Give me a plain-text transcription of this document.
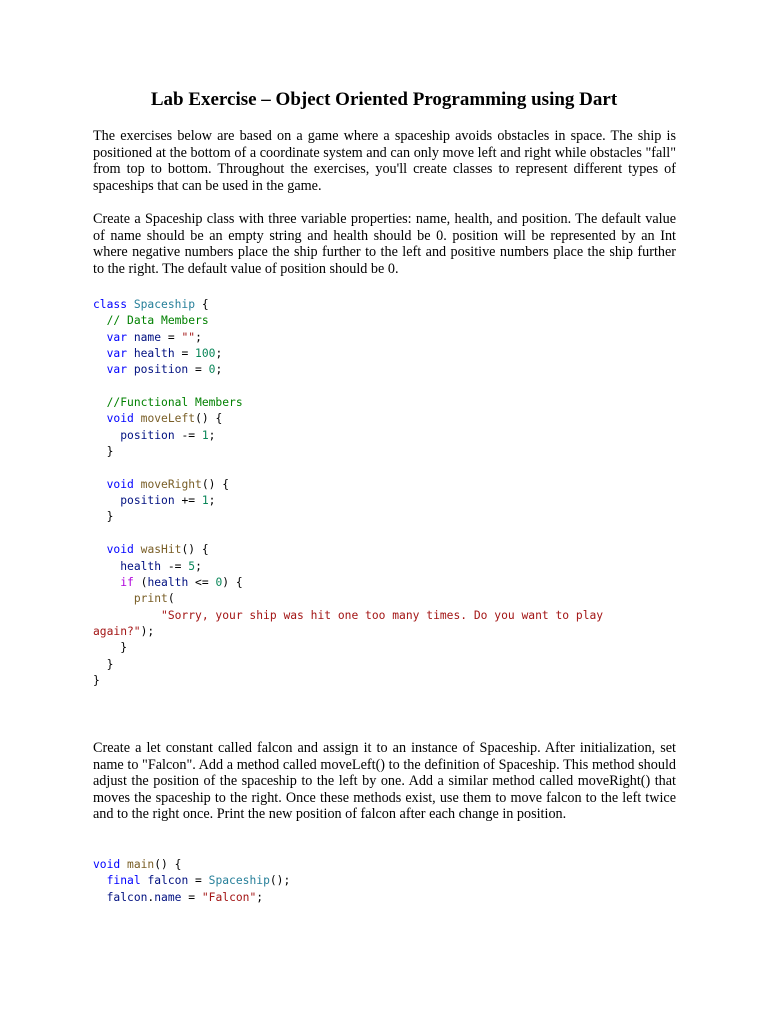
Lab Exercise – Object Oriented Programming using Dart

The exercises below are based on a game where a spaceship avoids obstacles in space. The ship is positioned at the bottom of a coordinate system and can only move left and right while obstacles "fall" from top to bottom. Throughout the exercises, you'll create classes to represent different types of spaceships that can be used in the game.

Create a Spaceship class with three variable properties: name, health, and position. The default value of name should be an empty string and health should be 0. position will be represented by an Int where negative numbers place the ship further to the left and positive numbers place the ship further to the right. The default value of position should be 0.

class Spaceship {
// Data Members
var name = "";
var health = 100;
var position = 0;
//Functional Members
void moveLeft() {
position -= 1;
}
void moveRight() {
position += 1;
}
void wasHit() {
health -= 5;
if (health <= 0) {
print(
"Sorry, your ship was hit one too many times. Do you want to play
again?");
}
}
}

Create a let constant called falcon and assign it to an instance of Spaceship. After initialization, set name to "Falcon". Add a method called moveLeft() to the definition of Spaceship. This method should adjust the position of the spaceship to the left by one. Add a similar method called moveRight() that moves the spaceship to the right. Once these methods exist, use them to move falcon to the left twice and to the right once. Print the new position of falcon after each change in position.

void main() {
final falcon = Spaceship();
falcon.name = "Falcon";
